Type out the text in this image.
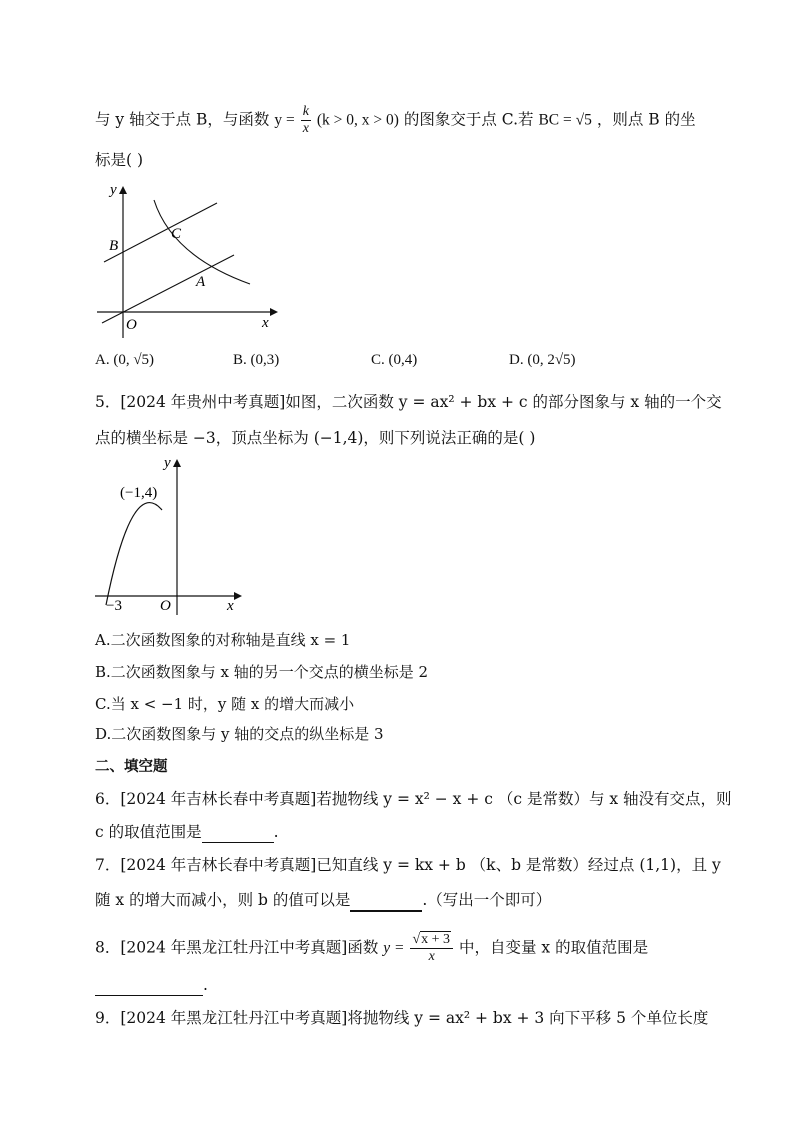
与 y 轴交于点 B，与函数 $y = \frac{k}{x} (k > 0$, x > 0) 的图象交于点 C.若 BC = √5 ，则点 B 的坐
标是( )
y
x
O
B
C
A
A. (0, √5)	B. (0,3)	C. (0,4)	D. (0, 2√5)
5．[2024 年贵州中考真题]如图，二次函数 y = ax² + bx + c 的部分图象与 x 轴的一个交
点的横坐标是 −3，顶点坐标为 (−1,4)，则下列说法正确的是( )
y
x
O
(−1,4)
−3
A.二次函数图象的对称轴是直线 x = 1
B.二次函数图象与 x 轴的另一个交点的横坐标是 2
C.当 x < −1 时，y 随 x 的增大而减小
D.二次函数图象与 y 轴的交点的纵坐标是 3
二、填空题
6．[2024 年吉林长春中考真题]若抛物线 y = x² − x + c （c 是常数）与 x 轴没有交点，则
c 的取值范围是	.
7．[2024 年吉林长春中考真题]已知直线 y = kx + b （k、b 是常数）经过点 (1,1)，且 y
随 x 的增大而减小，则 b 的值可以是	.（写出一个即可）
8．[2024 年黑龙江牡丹江中考真题]函数 $y = \frac{√x + 3}{x}$ 中，自变量 x 的取值范围是
.
9．[2024 年黑龙江牡丹江中考真题]将抛物线 y = ax² + bx + 3 向下平移 5 个单位长度
